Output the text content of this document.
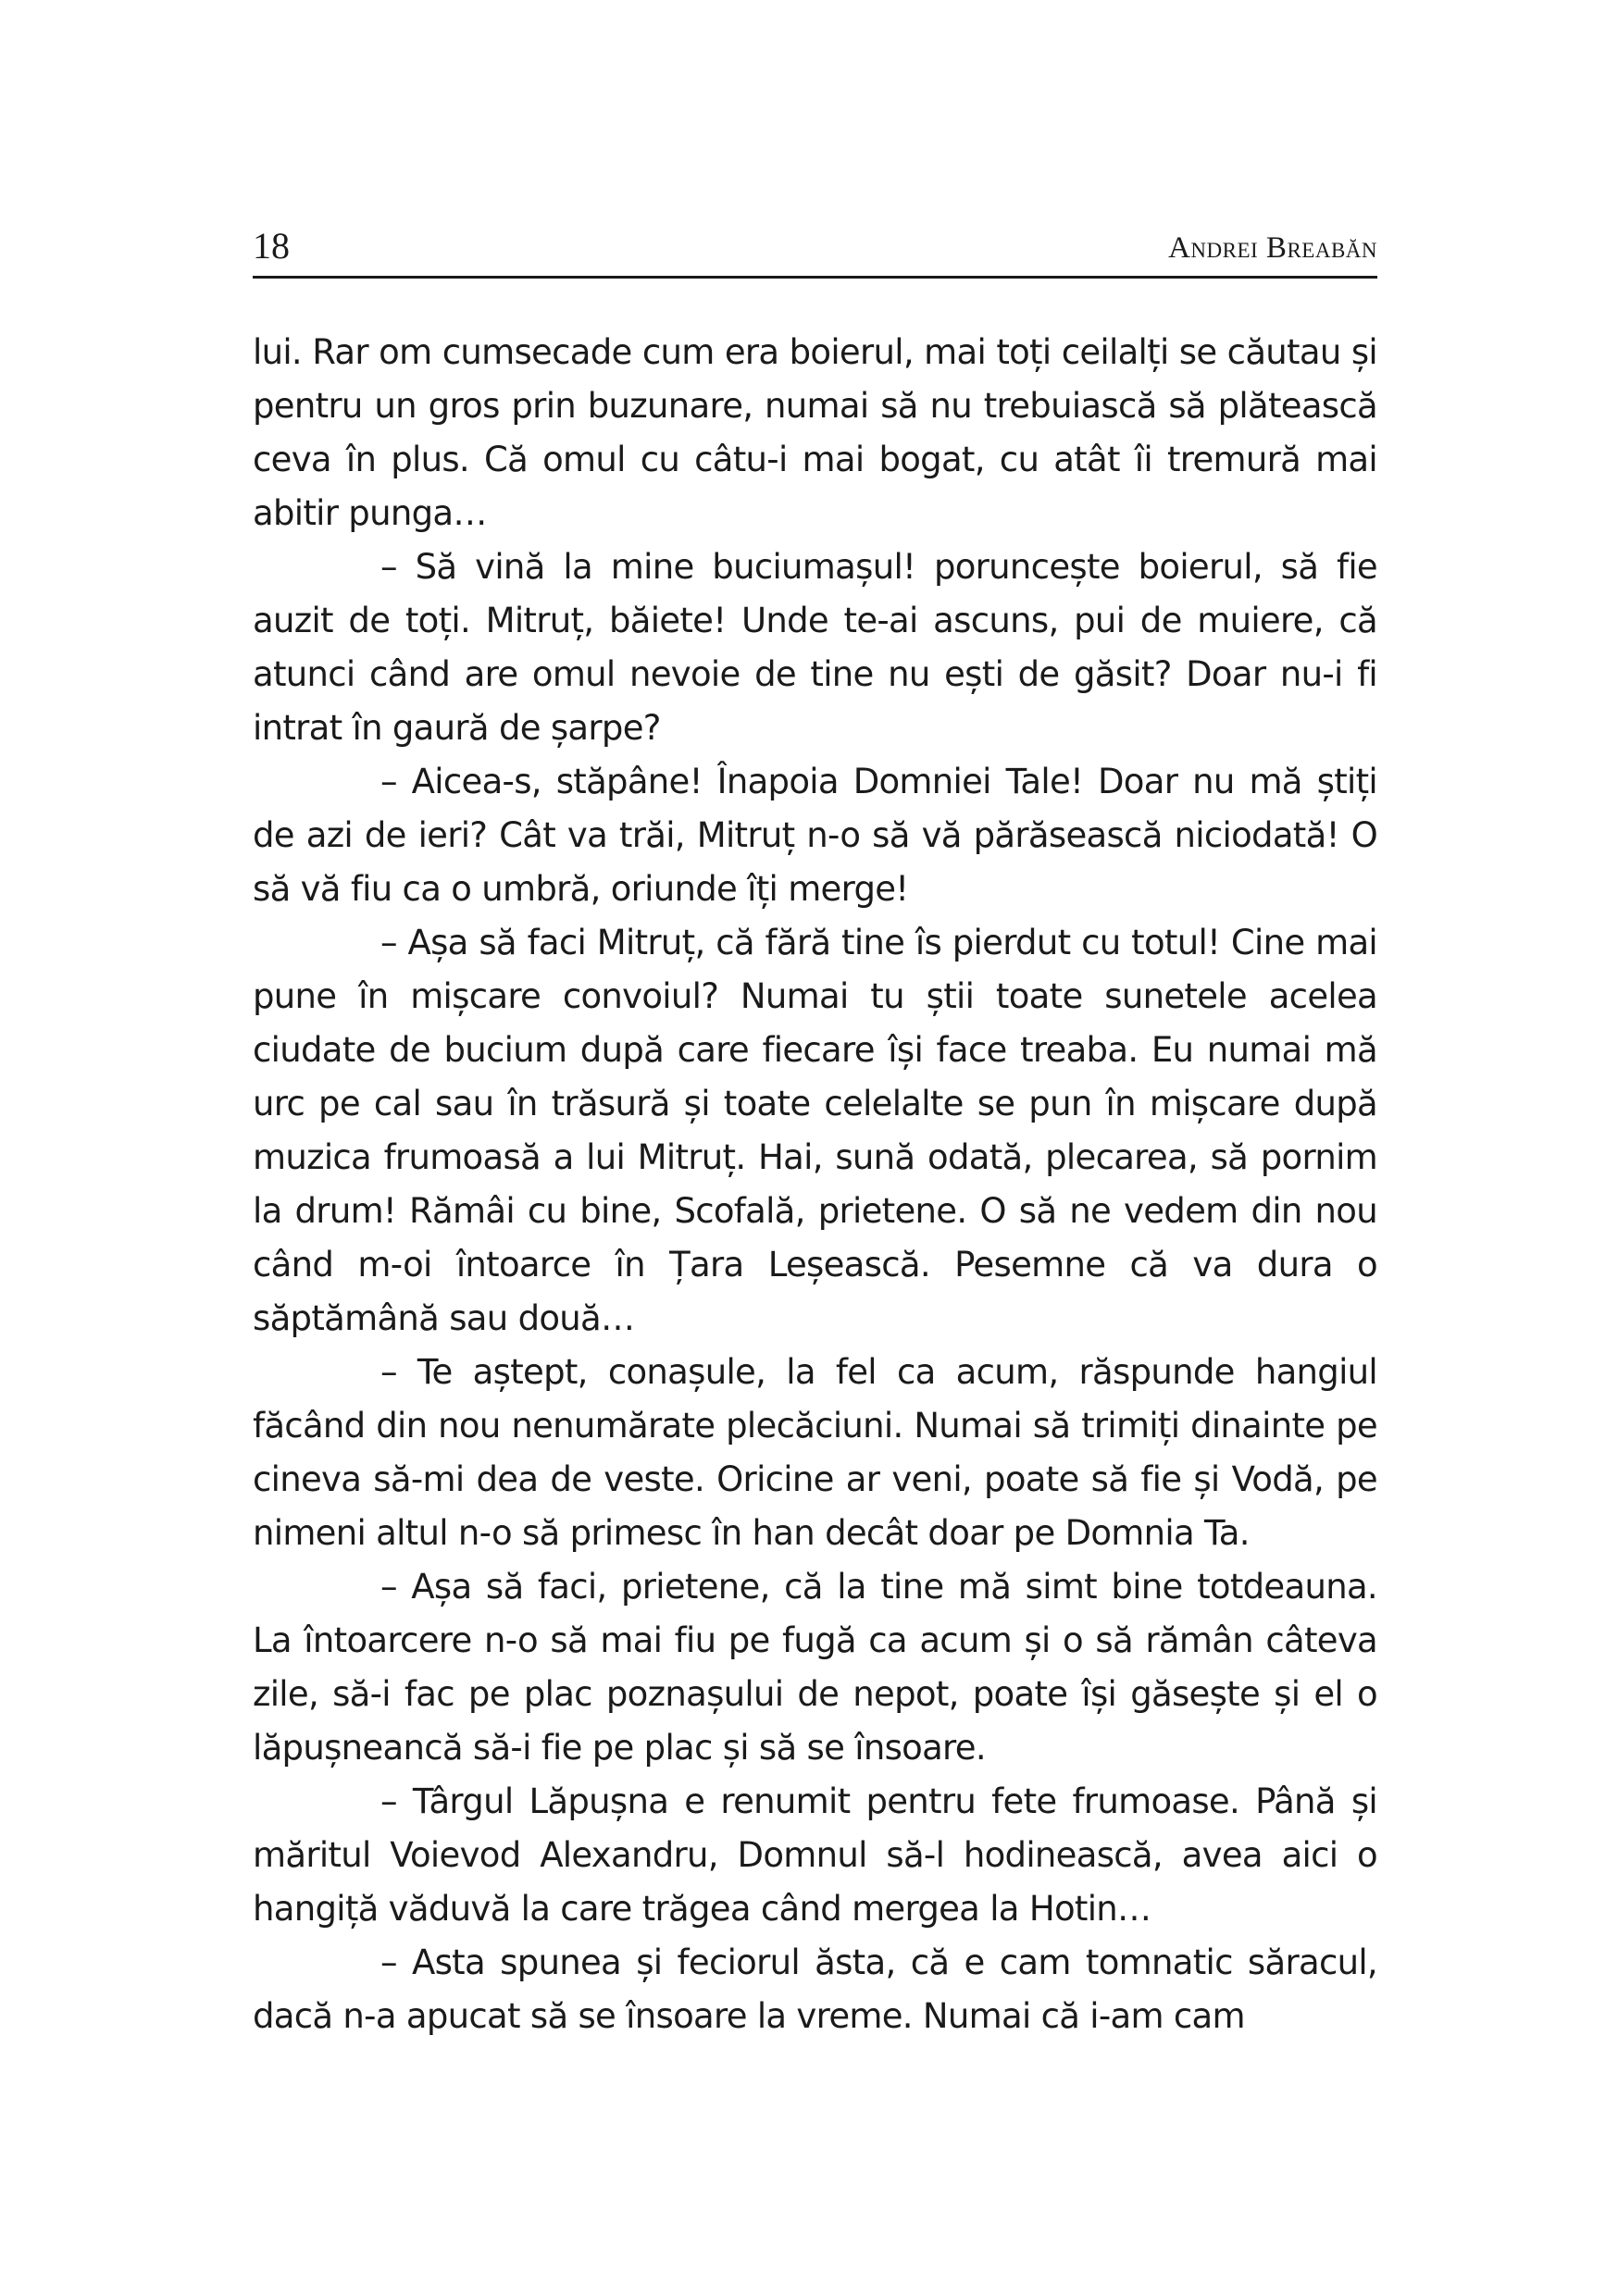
18	Andrei Breabăn

lui. Rar om cumsecade cum era boierul, mai toți ceilalți se căutau și pentru un gros prin buzunare, numai să nu trebuiască să plătească ceva în plus. Că omul cu câtu-i mai bogat, cu atât îi tremură mai abitir punga…

– Să vină la mine buciumașul! poruncește boierul, să fie auzit de toți. Mitruț, băiete! Unde te-ai ascuns, pui de muiere, că atunci când are omul nevoie de tine nu ești de găsit? Doar nu-i fi intrat în gaură de șarpe?

– Aicea-s, stăpâne! Înapoia Domniei Tale! Doar nu mă știți de azi de ieri? Cât va trăi, Mitruț n-o să vă părăsească niciodată! O să vă fiu ca o umbră, oriunde îți merge!

– Așa să faci Mitruț, că fără tine îs pierdut cu totul! Cine mai pune în mișcare convoiul? Numai tu știi toate sunetele acelea ciudate de bucium după care fiecare își face treaba. Eu numai mă urc pe cal sau în trăsură și toate celelalte se pun în mișcare după muzica frumoasă a lui Mitruț. Hai, sună odată, plecarea, să pornim la drum! Rămâi cu bine, Scofală, prietene. O să ne vedem din nou când m-oi întoarce în Țara Leșească. Pesemne că va dura o săptămână sau două…

– Te aștept, conașule, la fel ca acum, răspunde hangiul făcând din nou nenumărate plecăciuni. Numai să trimiți dinainte pe cineva să-mi dea de veste. Oricine ar veni, poate să fie și Vodă, pe nimeni altul n-o să primesc în han decât doar pe Domnia Ta.

– Așa să faci, prietene, că la tine mă simt bine totdeauna. La întoarcere n-o să mai fiu pe fugă ca acum și o să rămân câteva zile, să-i fac pe plac poznașului de nepot, poate își găsește și el o lăpușneancă să-i fie pe plac și să se însoare.

– Târgul Lăpușna e renumit pentru fete frumoase. Până și măritul Voievod Alexandru, Domnul să-l hodinească, avea aici o hangiță văduvă la care trăgea când mergea la Hotin…

– Asta spunea și feciorul ăsta, că e cam tomnatic săracul, dacă n-a apucat să se însoare la vreme. Numai că i-am cam
